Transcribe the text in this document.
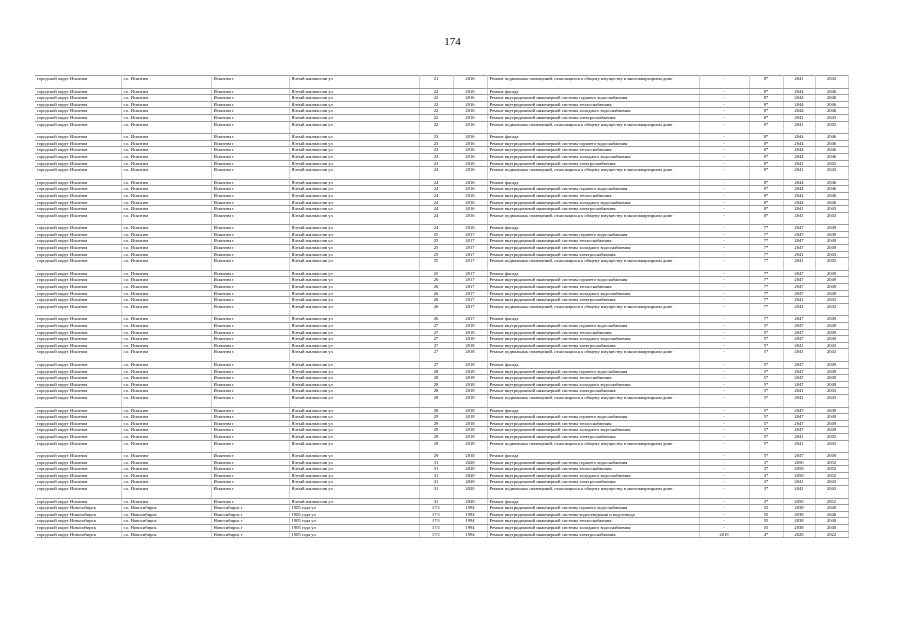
174
городской округ Искитим	г.о. Искитим	Искитим г	Ялтый жилмассив ул	21	2016	Ремонт подвальных помещений, относящихся к общему имуществу в многоквартирном доме	-	8*	2041	2043
городской округ Искитим	г.о. Искитим	Искитим г	Ялтый жилмассив ул	22	2016	Ремонт фасада	-	8*	2044	2046
городской округ Искитим	г.о. Искитим	Искитим г	Ялтый жилмассив ул	22	2016	Ремонт внутридомовой инженерной системы горячего водоснабжения	-	8*	2044	2046
городской округ Искитим	г.о. Искитим	Искитим г	Ялтый жилмассив ул	22	2016	Ремонт внутридомовой инженерной системы теплоснабжения	-	8*	2044	2046
городской округ Искитим	г.о. Искитим	Искитим г	Ялтый жилмассив ул	22	2016	Ремонт внутридомовой инженерной системы холодного водоснабжения	-	8*	2044	2046
городской округ Искитим	г.о. Искитим	Искитим г	Ялтый жилмассив ул	22	2016	Ремонт внутридомовой инженерной системы электроснабжения	-	8*	2041	2043
городской округ Искитим	г.о. Искитим	Искитим г	Ялтый жилмассив ул	22	2016	Ремонт подвальных помещений, относящихся к общему имуществу в многоквартирном доме	-	8*	2041	2043
городской округ Искитим	г.о. Искитим	Искитим г	Ялтый жилмассив ул	23	2016	Ремонт фасада	-	8*	2044	2046
городской округ Искитим	г.о. Искитим	Искитим г	Ялтый жилмассив ул	23	2016	Ремонт внутридомовой инженерной системы горячего водоснабжения	-	8*	2044	2046
городской округ Искитим	г.о. Искитим	Искитим г	Ялтый жилмассив ул	23	2016	Ремонт внутридомовой инженерной системы теплоснабжения	-	8*	2044	2046
городской округ Искитим	г.о. Искитим	Искитим г	Ялтый жилмассив ул	23	2016	Ремонт внутридомовой инженерной системы холодного водоснабжения	-	8*	2044	2046
городской округ Искитим	г.о. Искитим	Искитим г	Ялтый жилмассив ул	23	2016	Ремонт внутридомовой инженерной системы электроснабжения	-	8*	2041	2043
городской округ Искитим	г.о. Искитим	Искитим г	Ялтый жилмассив ул	23	2016	Ремонт подвальных помещений, относящихся к общему имуществу в многоквартирном доме	-	8*	2041	2043
городской округ Искитим	г.о. Искитим	Искитим г	Ялтый жилмассив ул	24	2016	Ремонт фасада	-	8*	2044	2046
городской округ Искитим	г.о. Искитим	Искитим г	Ялтый жилмассив ул	24	2016	Ремонт внутридомовой инженерной системы горячего водоснабжения	-	8*	2044	2046
городской округ Искитим	г.о. Искитим	Искитим г	Ялтый жилмассив ул	24	2016	Ремонт внутридомовой инженерной системы теплоснабжения	-	8*	2044	2046
городской округ Искитим	г.о. Искитим	Искитим г	Ялтый жилмассив ул	24	2016	Ремонт внутридомовой инженерной системы холодного водоснабжения	-	8*	2044	2046
городской округ Искитим	г.о. Искитим	Искитим г	Ялтый жилмассив ул	24	2016	Ремонт внутридомовой инженерной системы электроснабжения	-	8*	2041	2043
городской округ Искитим	г.о. Искитим	Искитим г	Ялтый жилмассив ул	24	2016	Ремонт подвальных помещений, относящихся к общему имуществу в многоквартирном доме	-	8*	2041	2043
городской округ Искитим	г.о. Искитим	Искитим г	Ялтый жилмассив ул	24	2016	Ремонт фасада	-	7*	2047	2049
городской округ Искитим	г.о. Искитим	Искитим г	Ялтый жилмассив ул	25	2017	Ремонт внутридомовой инженерной системы горячего водоснабжения	-	7*	2047	2049
городской округ Искитим	г.о. Искитим	Искитим г	Ялтый жилмассив ул	25	2017	Ремонт внутридомовой инженерной системы теплоснабжения	-	7*	2047	2049
городской округ Искитим	г.о. Искитим	Искитим г	Ялтый жилмассив ул	25	2017	Ремонт внутридомовой инженерной системы холодного водоснабжения	-	7*	2047	2049
городской округ Искитим	г.о. Искитим	Искитим г	Ялтый жилмассив ул	25	2017	Ремонт внутридомовой инженерной системы электроснабжения	-	7*	2041	2043
городской округ Искитим	г.о. Искитим	Искитим г	Ялтый жилмассив ул	25	2017	Ремонт подвальных помещений, относящихся к общему имуществу в многоквартирном доме	-	7*	2041	2043
городской округ Искитим	г.о. Искитим	Искитим г	Ялтый жилмассив ул	25	2017	Ремонт фасада	-	7*	2047	2049
городской округ Искитим	г.о. Искитим	Искитим г	Ялтый жилмассив ул	26	2017	Ремонт внутридомовой инженерной системы горячего водоснабжения	-	7*	2047	2049
городской округ Искитим	г.о. Искитим	Искитим г	Ялтый жилмассив ул	26	2017	Ремонт внутридомовой инженерной системы теплоснабжения	-	7*	2047	2049
городской округ Искитим	г.о. Искитим	Искитим г	Ялтый жилмассив ул	26	2017	Ремонт внутридомовой инженерной системы холодного водоснабжения	-	7*	2047	2049
городской округ Искитим	г.о. Искитим	Искитим г	Ялтый жилмассив ул	26	2017	Ремонт внутридомовой инженерной системы электроснабжения	-	7*	2041	2043
городской округ Искитим	г.о. Искитим	Искитим г	Ялтый жилмассив ул	26	2017	Ремонт подвальных помещений, относящихся к общему имуществу в многоквартирном доме	-	7*	2041	2043
городской округ Искитим	г.о. Искитим	Искитим г	Ялтый жилмассив ул	26	2017	Ремонт фасада	-	7*	2047	2049
городской округ Искитим	г.о. Искитим	Искитим г	Ялтый жилмассив ул	27	2018	Ремонт внутридомовой инженерной системы горячего водоснабжения	-	5*	2047	2049
городской округ Искитим	г.о. Искитим	Искитим г	Ялтый жилмассив ул	27	2018	Ремонт внутридомовой инженерной системы теплоснабжения	-	5*	2047	2049
городской округ Искитим	г.о. Искитим	Искитим г	Ялтый жилмассив ул	27	2018	Ремонт внутридомовой инженерной системы холодного водоснабжения	-	5*	2047	2049
городской округ Искитим	г.о. Искитим	Искитим г	Ялтый жилмассив ул	27	2018	Ремонт внутридомовой инженерной системы электроснабжения	-	5*	2041	2043
городской округ Искитим	г.о. Искитим	Искитим г	Ялтый жилмассив ул	27	2018	Ремонт подвальных помещений, относящихся к общему имуществу в многоквартирном доме	-	5*	2041	2043
городской округ Искитим	г.о. Искитим	Искитим г	Ялтый жилмассив ул	27	2018	Ремонт фасада	-	5*	2047	2049
городской округ Искитим	г.о. Искитим	Искитим г	Ялтый жилмассив ул	28	2018	Ремонт внутридомовой инженерной системы горячего водоснабжения	-	5*	2047	2049
городской округ Искитим	г.о. Искитим	Искитим г	Ялтый жилмассив ул	28	2018	Ремонт внутридомовой инженерной системы теплоснабжения	-	5*	2047	2049
городской округ Искитим	г.о. Искитим	Искитим г	Ялтый жилмассив ул	28	2018	Ремонт внутридомовой инженерной системы холодного водоснабжения	-	5*	2047	2049
городской округ Искитим	г.о. Искитим	Искитим г	Ялтый жилмассив ул	28	2018	Ремонт внутридомовой инженерной системы электроснабжения	-	5*	2041	2043
городской округ Искитим	г.о. Искитим	Искитим г	Ялтый жилмассив ул	28	2018	Ремонт подвальных помещений, относящихся к общему имуществу в многоквартирном доме	-	5*	2041	2043
городской округ Искитим	г.о. Искитим	Искитим г	Ялтый жилмассив ул	28	2018	Ремонт фасада	-	5*	2047	2049
городской округ Искитим	г.о. Искитим	Искитим г	Ялтый жилмассив ул	29	2018	Ремонт внутридомовой инженерной системы горячего водоснабжения	-	5*	2047	2049
городской округ Искитим	г.о. Искитим	Искитим г	Ялтый жилмассив ул	29	2018	Ремонт внутридомовой инженерной системы теплоснабжения	-	5*	2047	2049
городской округ Искитим	г.о. Искитим	Искитим г	Ялтый жилмассив ул	29	2018	Ремонт внутридомовой инженерной системы холодного водоснабжения	-	5*	2047	2049
городской округ Искитим	г.о. Искитим	Искитим г	Ялтый жилмассив ул	29	2018	Ремонт внутридомовой инженерной системы электроснабжения	-	5*	2041	2043
городской округ Искитим	г.о. Искитим	Искитим г	Ялтый жилмассив ул	29	2018	Ремонт подвальных помещений, относящихся к общему имуществу в многоквартирном доме	-	5*	2041	2043
городской округ Искитим	г.о. Искитим	Искитим г	Ялтый жилмассив ул	29	2018	Ремонт фасада	-	5*	2047	2049
городской округ Искитим	г.о. Искитим	Искитим г	Ялтый жилмассив ул	31	2020	Ремонт внутридомовой инженерной системы горячего водоснабжения	-	3*	2050	2052
городской округ Искитим	г.о. Искитим	Искитим г	Ялтый жилмассив ул	31	2020	Ремонт внутридомовой инженерной системы теплоснабжения	-	3*	2050	2052
городской округ Искитим	г.о. Искитим	Искитим г	Ялтый жилмассив ул	31	2020	Ремонт внутридомовой инженерной системы холодного водоснабжения	-	3*	2050	2052
городской округ Искитим	г.о. Искитим	Искитим г	Ялтый жилмассив ул	31	2020	Ремонт внутридомовой инженерной системы электроснабжения	-	3*	2041	2043
городской округ Искитим	г.о. Искитим	Искитим г	Ялтый жилмассив ул	31	2020	Ремонт подвальных помещений, относящихся к общему имуществу в многоквартирном доме	-	3*	2041	2043
городской округ Искитим	г.о. Искитим	Искитим г	Ялтый жилмассив ул	31	2020	Ремонт фасада	-	3*	2050	2052
городской округ Новосибирск	г.о. Новосибирск	Новосибирск г	1905 года ул	17/1	1994	Ремонт внутридомовой инженерной системы горячего водоснабжения	-	55	2038	2040
городской округ Новосибирск	г.о. Новосибирск	Новосибирск г	1905 года ул	17/1	1994	Ремонт внутридомовой инженерной системы водоотведения и водоотвода	-	55	2038	2040
городской округ Новосибирск	г.о. Новосибирск	Новосибирск г	1905 года ул	17/1	1994	Ремонт внутридомовой инженерной системы теплоснабжения	-	55	2038	2040
городской округ Новосибирск	г.о. Новосибирск	Новосибирск г	1905 года ул	17/1	1994	Ремонт внутридомовой инженерной системы холодного водоснабжения	-	55	2038	2040
городской округ Новосибирск	г.о. Новосибирск	Новосибирск г	1905 года ул	17/1	1994	Ремонт внутридомовой инженерной системы электроснабжения	2019	4*	2020	2022
